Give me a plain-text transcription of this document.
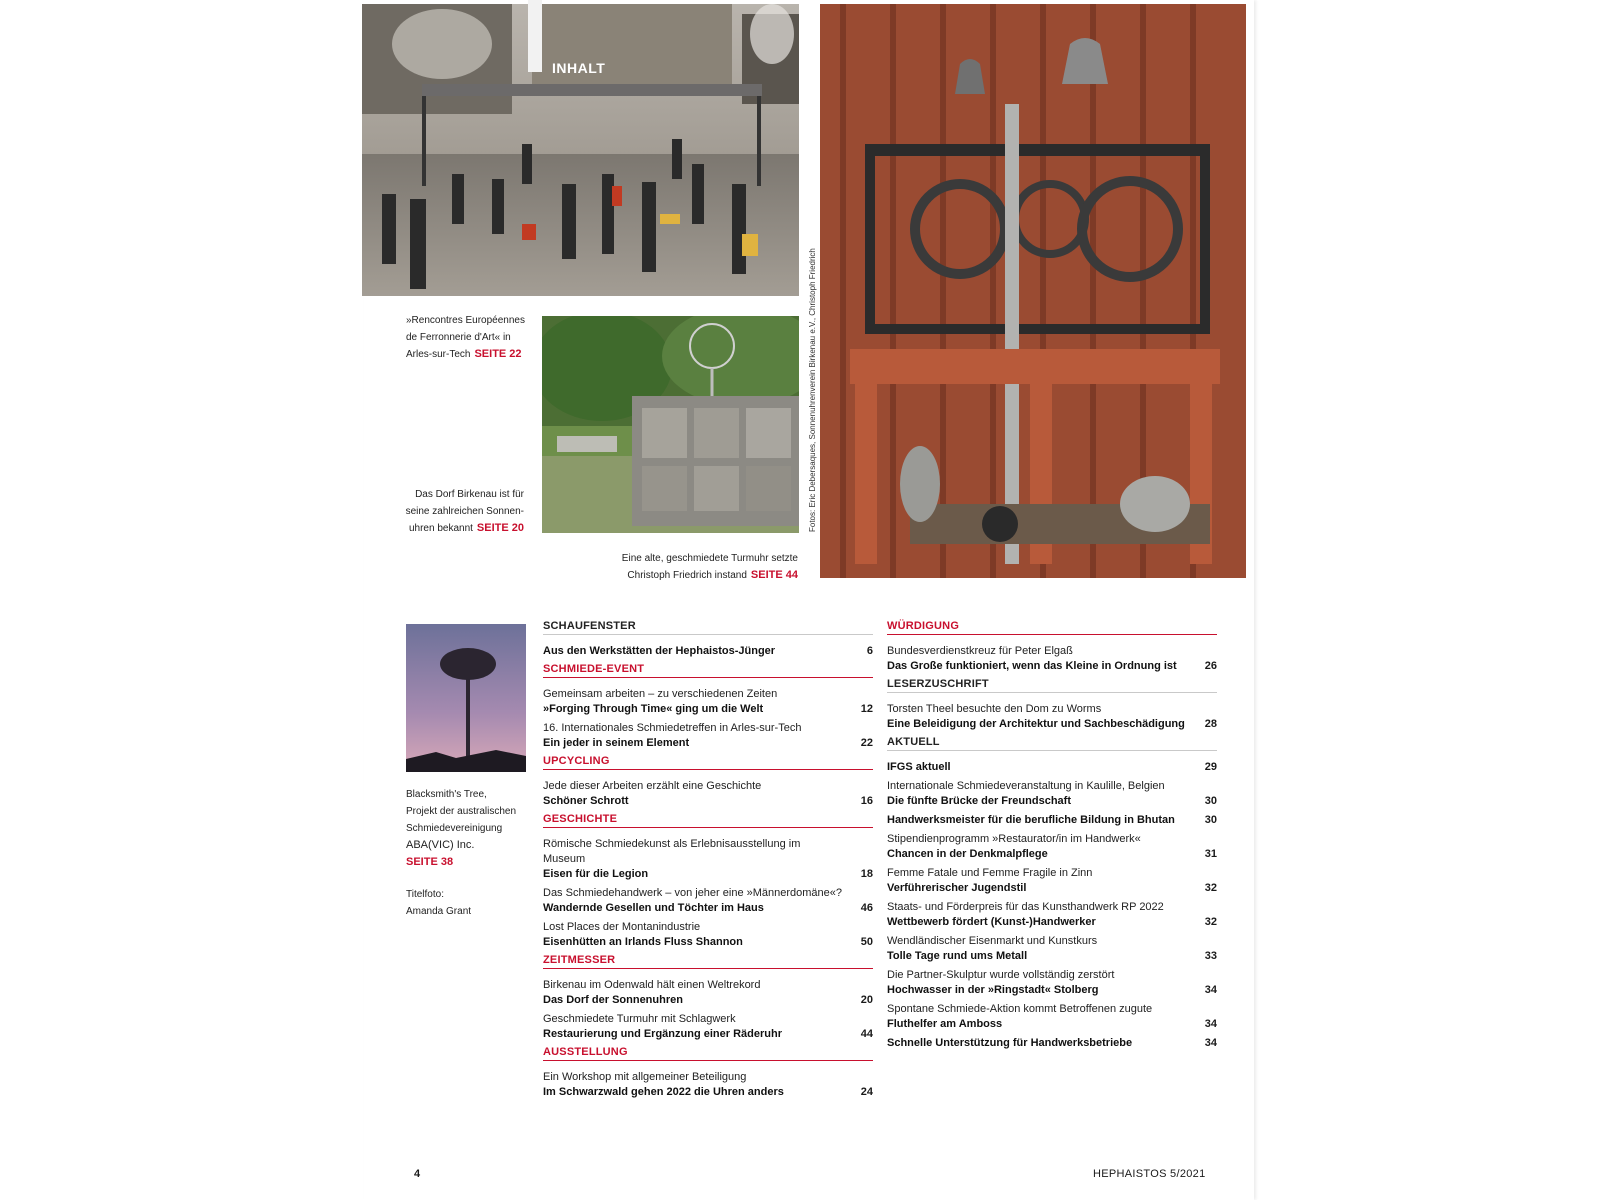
INHALT
Fotos: Eric Debersaques, Sonnenuhrenverein Birkenau e.V., Christoph Friedrich
»Rencontres Européennes
de Ferronnerie d'Art« in
Arles-sur-Tech SEITE 22
Das Dorf Birkenau ist für
seine zahlreichen Sonnen-
uhren bekannt SEITE 20
Eine alte, geschmiedete Turmuhr setzte
Christoph Friedrich instand SEITE 44
Blacksmith's Tree,
Projekt der australischen
Schmiedevereinigung
ABA(VIC) Inc.
SEITE 38
Titelfoto:
Amanda Grant
SCHAUFENSTER
Aus den Werkstätten der Hephaistos-Jünger	6
SCHMIEDE-EVENT
Gemeinsam arbeiten – zu verschiedenen Zeiten
»Forging Through Time« ging um die Welt	12
16. Internationales Schmiedetreffen in Arles-sur-Tech
Ein jeder in seinem Element	22
UPCYCLING
Jede dieser Arbeiten erzählt eine Geschichte
Schöner Schrott	16
GESCHICHTE
Römische Schmiedekunst als Erlebnisausstellung im Museum
Eisen für die Legion	18
Das Schmiedehandwerk – von jeher eine »Männerdomäne«?
Wandernde Gesellen und Töchter im Haus	46
Lost Places der Montanindustrie
Eisenhütten an Irlands Fluss Shannon	50
ZEITMESSER
Birkenau im Odenwald hält einen Weltrekord
Das Dorf der Sonnenuhren	20
Geschmiedete Turmuhr mit Schlagwerk
Restaurierung und Ergänzung einer Räderuhr	44
AUSSTELLUNG
Ein Workshop mit allgemeiner Beteiligung
Im Schwarzwald gehen 2022 die Uhren anders	24
WÜRDIGUNG
Bundesverdienstkreuz für Peter Elgaß
Das Große funktioniert, wenn das Kleine in Ordnung ist	26
LESERZUSCHRIFT
Torsten Theel besuchte den Dom zu Worms
Eine Beleidigung der Architektur und Sachbeschädigung	28
AKTUELL
IFGS aktuell	29
Internationale Schmiedeveranstaltung in Kaulille, Belgien
Die fünfte Brücke der Freundschaft	30
Handwerksmeister für die berufliche Bildung in Bhutan	30
Stipendienprogramm »Restaurator/in im Handwerk«
Chancen in der Denkmalpflege	31
Femme Fatale und Femme Fragile in Zinn
Verführerischer Jugendstil	32
Staats- und Förderpreis für das Kunsthandwerk RP 2022
Wettbewerb fördert (Kunst-)Handwerker	32
Wendländischer Eisenmarkt und Kunstkurs
Tolle Tage rund ums Metall	33
Die Partner-Skulptur wurde vollständig zerstört
Hochwasser in der »Ringstadt« Stolberg	34
Spontane Schmiede-Aktion kommt Betroffenen zugute
Fluthelfer am Amboss	34
Schnelle Unterstützung für Handwerksbetriebe	34
4	HEPHAISTOS 5/2021
